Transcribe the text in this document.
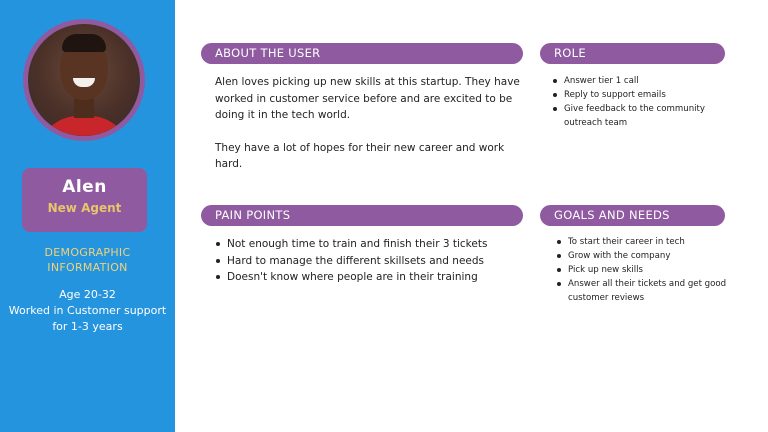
Alen
New Agent
DEMOGRAPHIC
INFORMATION
Age 20-32
Worked in Customer support
for 1-3 years
ABOUT THE USER

Alen loves picking up new skills at this startup. They have worked in customer service before and are excited to be doing it in the tech world.

They have a lot of hopes for their new career and work hard.

ROLE
Answer tier 1 call
Reply to support emails
Give feedback to the community outreach team
PAIN POINTS
Not enough time to train and finish their 3 tickets
Hard to manage the different skillsets and needs
Doesn't know where people are in their training
GOALS AND NEEDS
To start their career in tech
Grow with the company
Pick up new skills
Answer all their tickets and get good customer reviews
